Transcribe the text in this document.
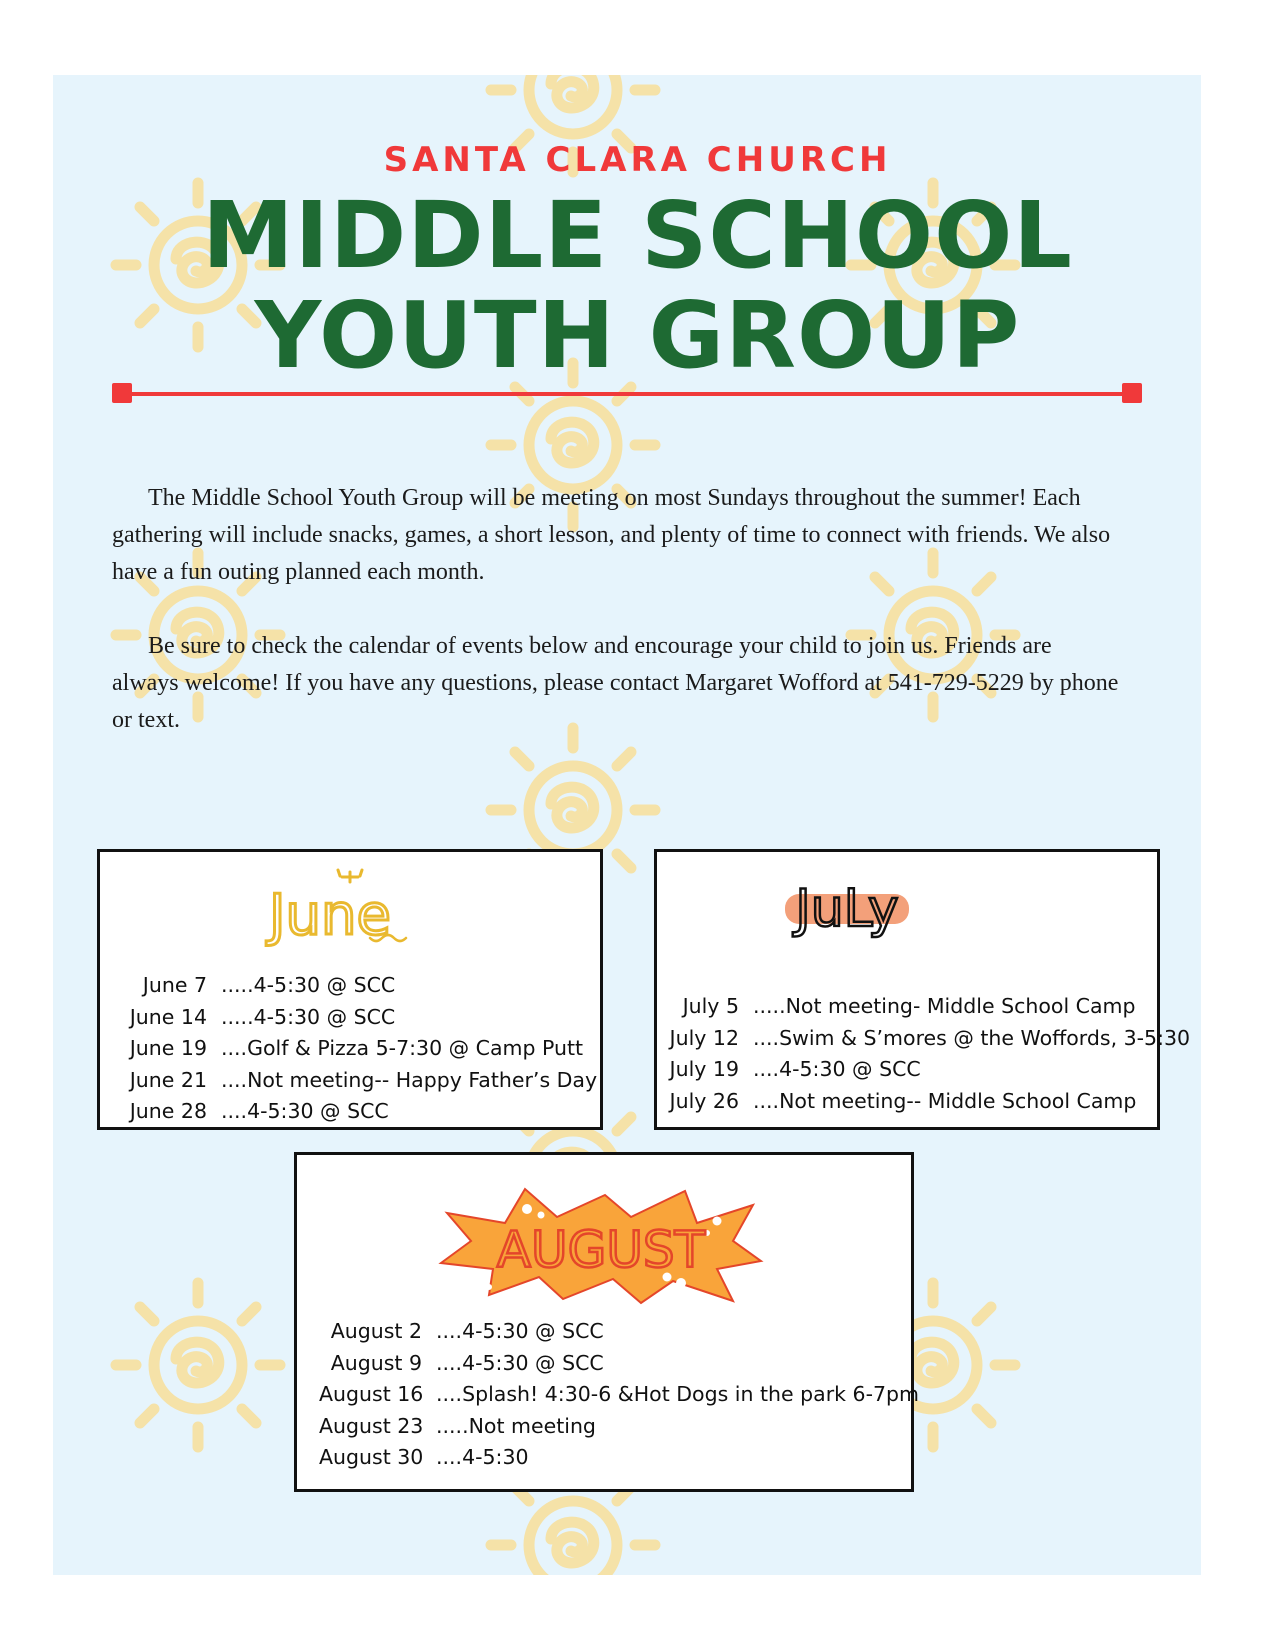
SANTA CLARA CHURCH
MIDDLE SCHOOL
YOUTH GROUP

The Middle School Youth Group will be meeting on most Sundays throughout the summer! Each gathering will include snacks, games, a short lesson, and plenty of time to connect with friends. We also have a fun outing planned each month.

Be sure to check the calendar of events below and encourage your child to join us. Friends are always welcome! If you have any questions, please contact Margaret Wofford at 541-729-5229 by phone or text.

June
June 7 .....4-5:30 @ SCC
June 14 .....4-5:30 @ SCC
June 19 ....Golf & Pizza 5-7:30 @ Camp Putt
June 21 ....Not meeting-- Happy Father’s Day
June 28 ....4-5:30 @ SCC
JuLy
July 5 .....Not meeting- Middle School Camp
July 12 ....Swim & S’mores @ the Woffords, 3-5:30
July 19 ....4-5:30 @ SCC
July 26 ....Not meeting-- Middle School Camp
AUGUST
August 2 ....4-5:30 @ SCC
August 9 ....4-5:30 @ SCC
August 16 ....Splash! 4:30-6 &Hot Dogs in the park 6-7pm
August 23 .....Not meeting
August 30 ....4-5:30
